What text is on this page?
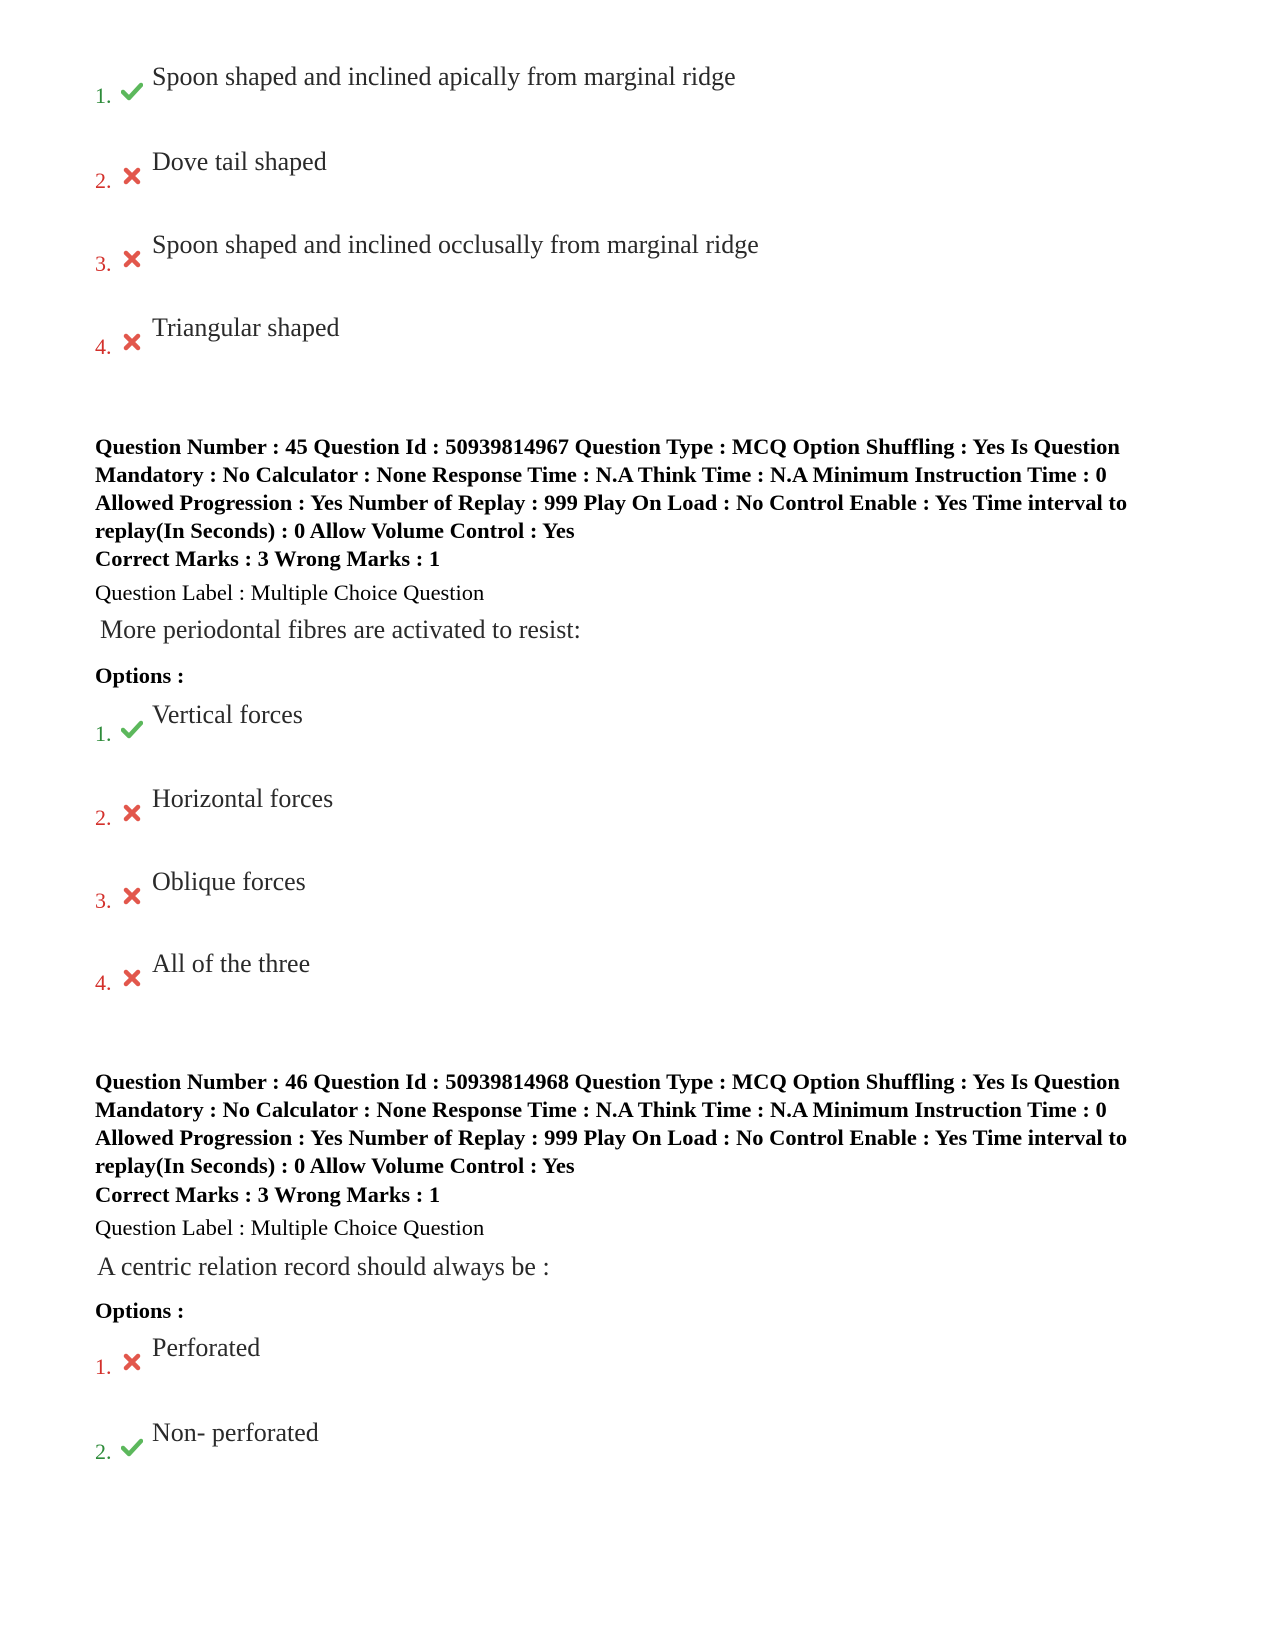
1.
Spoon shaped and inclined apically from marginal ridge
2.
Dove tail shaped
3.
Spoon shaped and inclined occlusally from marginal ridge
4.
Triangular shaped
Question Number : 45 Question Id : 50939814967 Question Type : MCQ Option Shuffling : Yes Is Question Mandatory : No Calculator : None Response Time : N.A Think Time : N.A Minimum Instruction Time : 0 Allowed Progression : Yes Number of Replay : 999 Play On Load : No Control Enable : Yes Time interval to replay(In Seconds) : 0 Allow Volume Control : Yes
Correct Marks : 3 Wrong Marks : 1
Question Label : Multiple Choice Question
More periodontal fibres are activated to resist:
Options :
1.
Vertical forces
2.
Horizontal forces
3.
Oblique forces
4.
All of the three
Question Number : 46 Question Id : 50939814968 Question Type : MCQ Option Shuffling : Yes Is Question Mandatory : No Calculator : None Response Time : N.A Think Time : N.A Minimum Instruction Time : 0 Allowed Progression : Yes Number of Replay : 999 Play On Load : No Control Enable : Yes Time interval to replay(In Seconds) : 0 Allow Volume Control : Yes
Correct Marks : 3 Wrong Marks : 1
Question Label : Multiple Choice Question
A centric relation record should always be :
Options :
1.
Perforated
2.
Non- perforated
